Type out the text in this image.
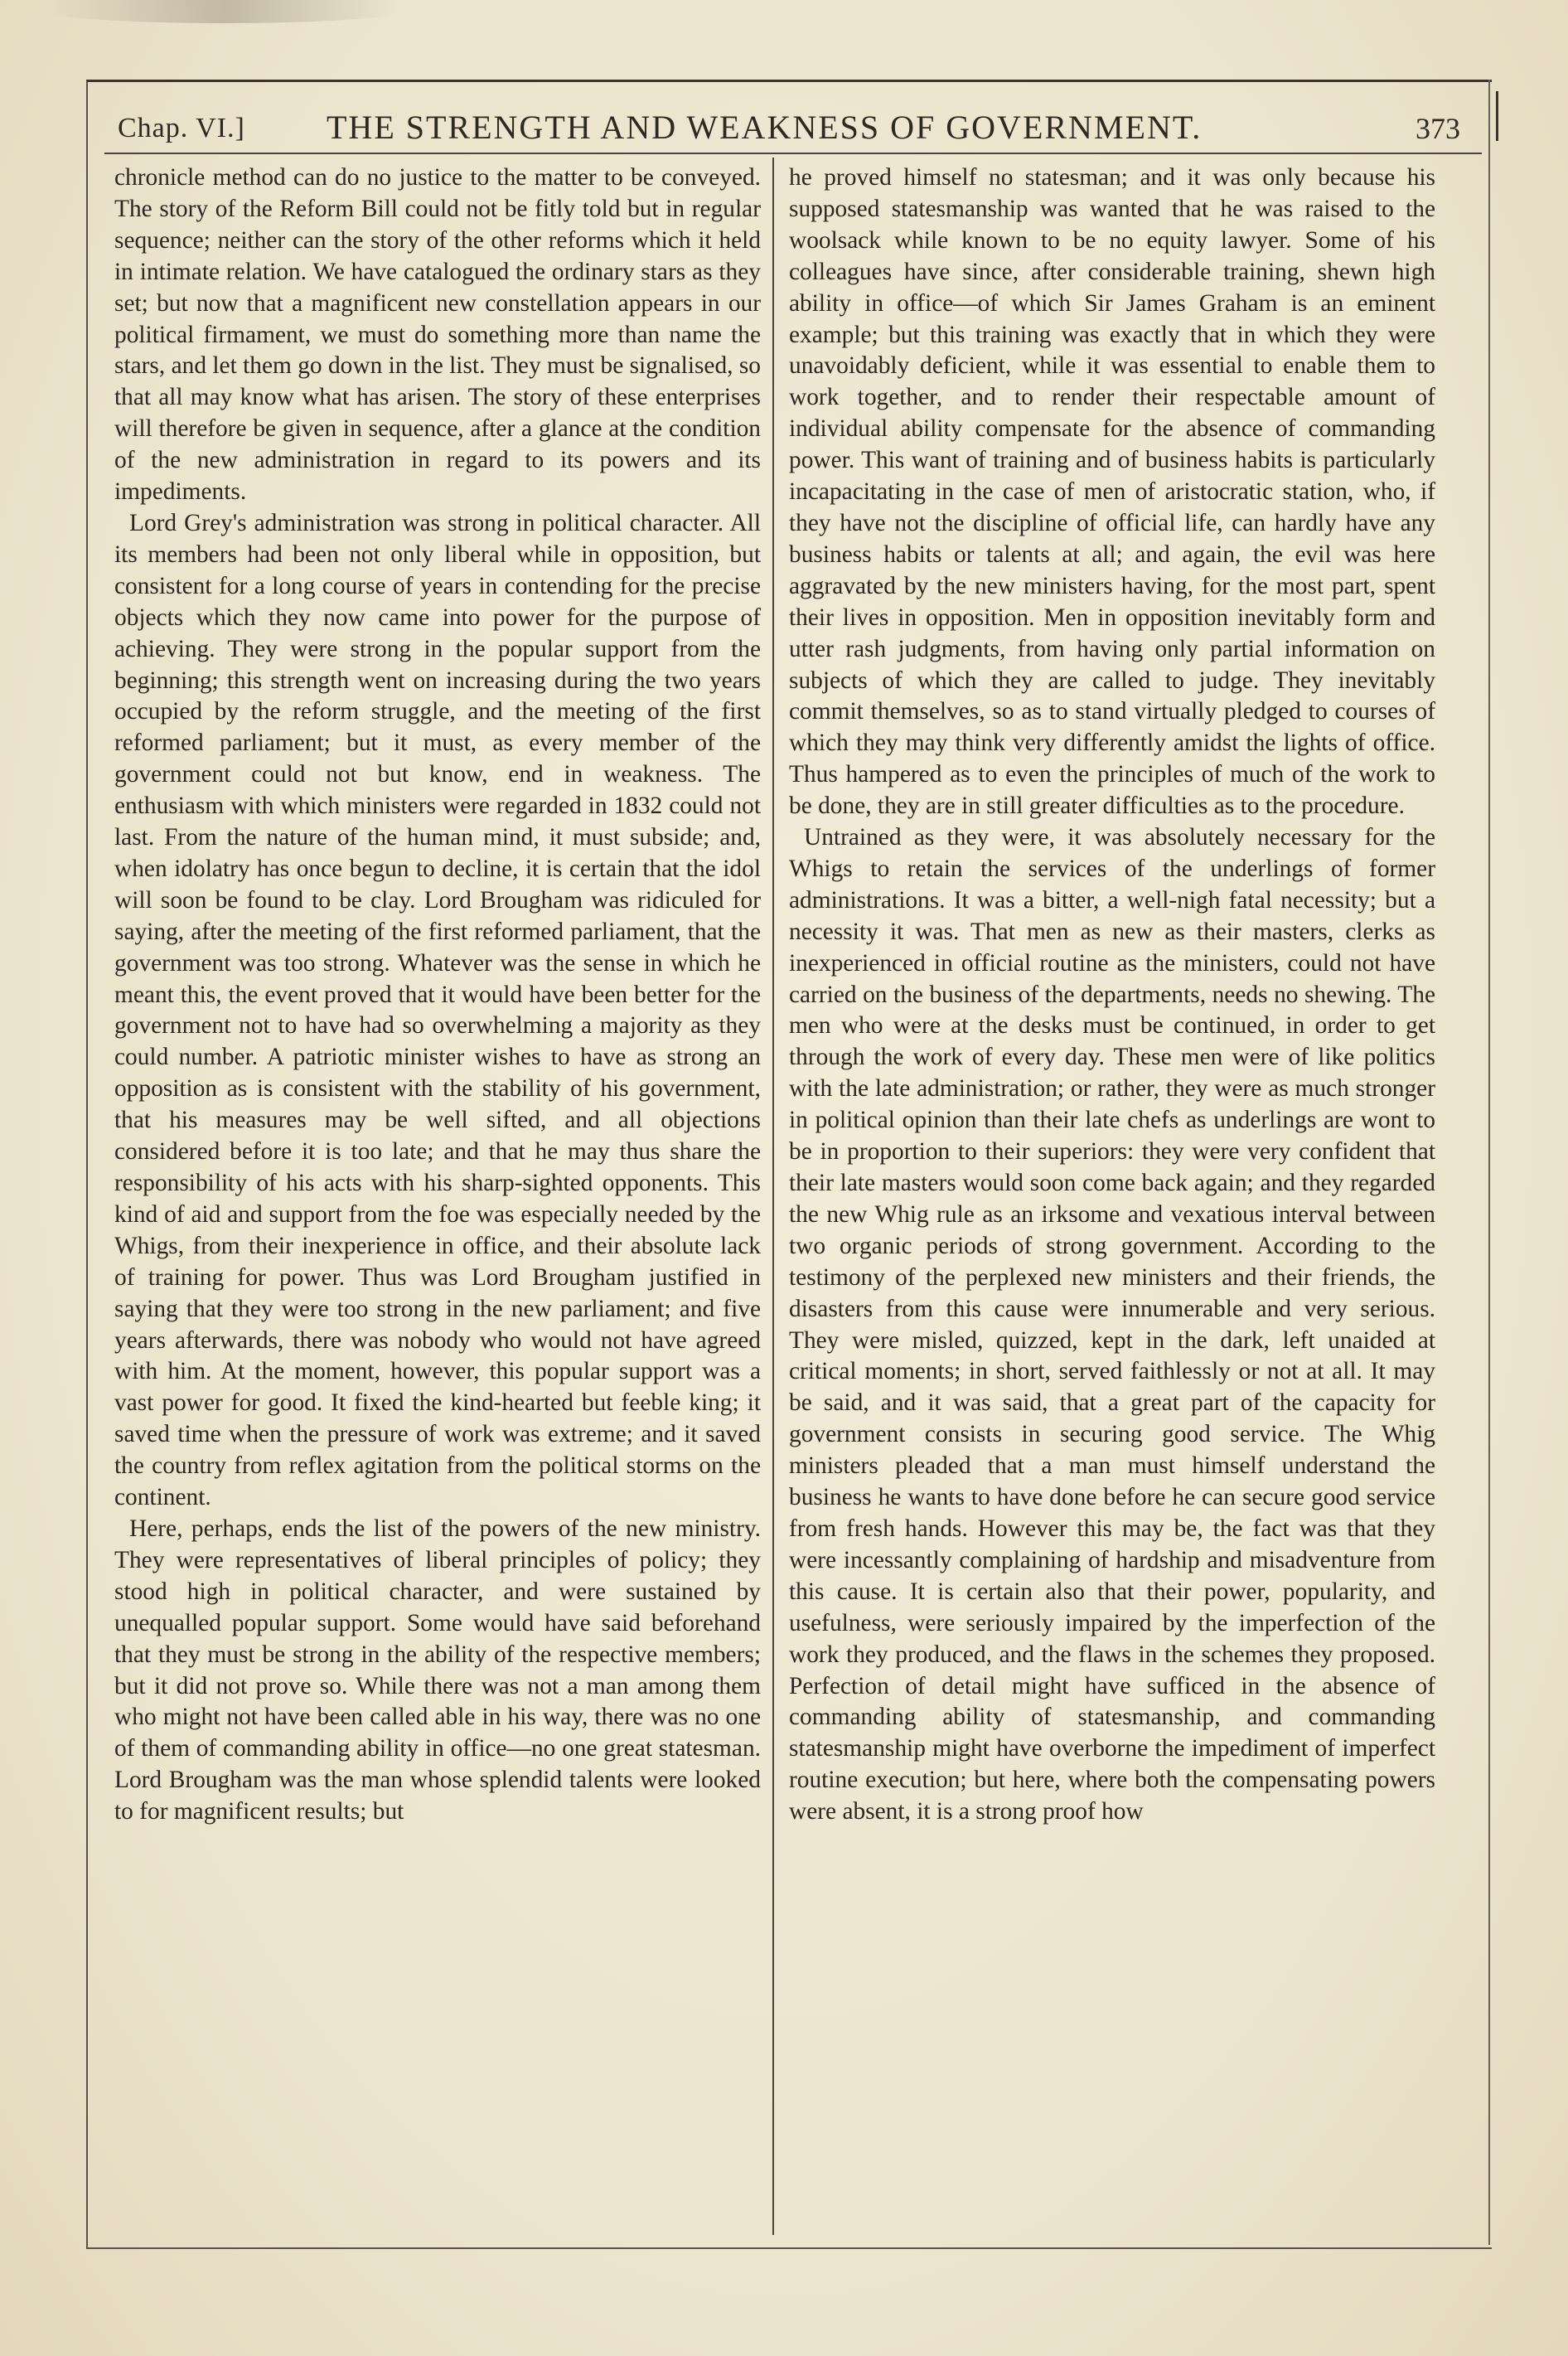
Chap. VI.] THE STRENGTH AND WEAKNESS OF GOVERNMENT.	373

chronicle method can do no justice to the matter to be conveyed. The story of the Reform Bill could not be fitly told but in regular sequence; neither can the story of the other reforms which it held in intimate relation. We have catalogued the ordinary stars as they set; but now that a magnificent new constellation appears in our political firmament, we must do something more than name the stars, and let them go down in the list. They must be signalised, so that all may know what has arisen. The story of these enterprises will therefore be given in sequence, after a glance at the condition of the new administration in regard to its powers and its impediments.

Lord Grey's administration was strong in political character. All its members had been not only liberal while in opposition, but consistent for a long course of years in contending for the precise objects which they now came into power for the purpose of achieving. They were strong in the popular support from the beginning; this strength went on increasing during the two years occupied by the reform struggle, and the meeting of the first reformed parliament; but it must, as every member of the government could not but know, end in weakness. The enthusiasm with which ministers were regarded in 1832 could not last. From the nature of the human mind, it must subside; and, when idolatry has once begun to decline, it is certain that the idol will soon be found to be clay. Lord Brougham was ridiculed for saying, after the meeting of the first reformed parliament, that the government was too strong. Whatever was the sense in which he meant this, the event proved that it would have been better for the government not to have had so overwhelming a majority as they could number. A patriotic minister wishes to have as strong an opposition as is consistent with the stability of his government, that his measures may be well sifted, and all objections considered before it is too late; and that he may thus share the responsibility of his acts with his sharp-sighted opponents. This kind of aid and support from the foe was especially needed by the Whigs, from their inexperience in office, and their absolute lack of training for power. Thus was Lord Brougham justified in saying that they were too strong in the new parliament; and five years afterwards, there was nobody who would not have agreed with him. At the moment, however, this popular support was a vast power for good. It fixed the kind-hearted but feeble king; it saved time when the pressure of work was extreme; and it saved the country from reflex agitation from the political storms on the continent.

Here, perhaps, ends the list of the powers of the new ministry. They were representatives of liberal principles of policy; they stood high in political character, and were sustained by unequalled popular support. Some would have said beforehand that they must be strong in the ability of the respective members; but it did not prove so. While there was not a man among them who might not have been called able in his way, there was no one of them of commanding ability in office—no one great statesman. Lord Brougham was the man whose splendid talents were looked to for magnificent results; but

he proved himself no statesman; and it was only because his supposed statesmanship was wanted that he was raised to the woolsack while known to be no equity lawyer. Some of his colleagues have since, after considerable training, shewn high ability in office—of which Sir James Graham is an eminent example; but this training was exactly that in which they were unavoidably deficient, while it was essential to enable them to work together, and to render their respectable amount of individual ability compensate for the absence of commanding power. This want of training and of business habits is particularly incapacitating in the case of men of aristocratic station, who, if they have not the discipline of official life, can hardly have any business habits or talents at all; and again, the evil was here aggravated by the new ministers having, for the most part, spent their lives in opposition. Men in opposition inevitably form and utter rash judgments, from having only partial information on subjects of which they are called to judge. They inevitably commit themselves, so as to stand virtually pledged to courses of which they may think very differently amidst the lights of office. Thus hampered as to even the principles of much of the work to be done, they are in still greater difficulties as to the procedure.

Untrained as they were, it was absolutely necessary for the Whigs to retain the services of the underlings of former administrations. It was a bitter, a well-nigh fatal necessity; but a necessity it was. That men as new as their masters, clerks as inexperienced in official routine as the ministers, could not have carried on the business of the departments, needs no shewing. The men who were at the desks must be continued, in order to get through the work of every day. These men were of like politics with the late administration; or rather, they were as much stronger in political opinion than their late chefs as underlings are wont to be in proportion to their superiors: they were very confident that their late masters would soon come back again; and they regarded the new Whig rule as an irksome and vexatious interval between two organic periods of strong government. According to the testimony of the perplexed new ministers and their friends, the disasters from this cause were innumerable and very serious. They were misled, quizzed, kept in the dark, left unaided at critical moments; in short, served faithlessly or not at all. It may be said, and it was said, that a great part of the capacity for government consists in securing good service. The Whig ministers pleaded that a man must himself understand the business he wants to have done before he can secure good service from fresh hands. However this may be, the fact was that they were incessantly complaining of hardship and misadventure from this cause. It is certain also that their power, popularity, and usefulness, were seriously impaired by the imperfection of the work they produced, and the flaws in the schemes they proposed. Perfection of detail might have sufficed in the absence of commanding ability of statesmanship, and commanding statesmanship might have overborne the impediment of imperfect routine execution; but here, where both the compensating powers were absent, it is a strong proof how
